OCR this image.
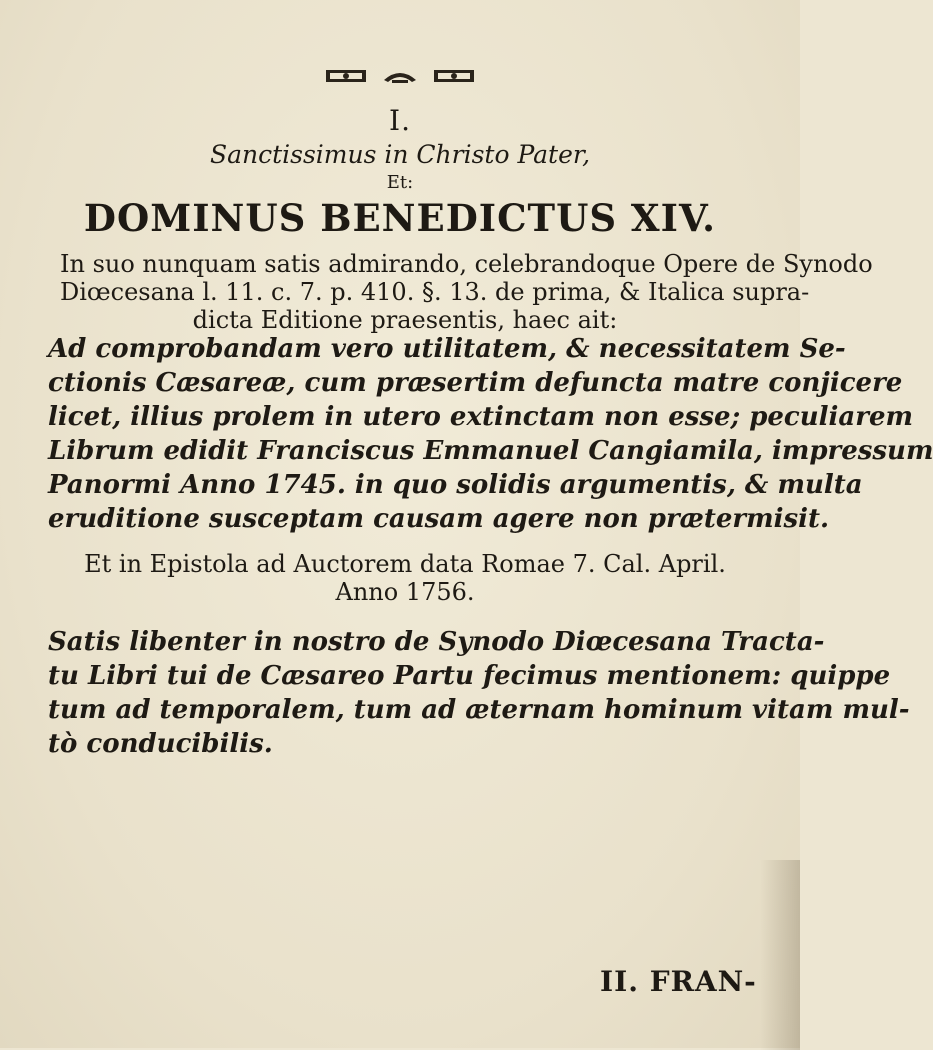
I.
Sanctissimus in Christo Pater,
Et:
DOMINUS BENEDICTUS XIV.
In suo nunquam satis admirando, celebrandoque Opere de Synodo
Diœcesana l. 11. c. 7. p. 410. §. 13. de prima, & Italica supra-
dicta Editione praesentis, haec ait:
Ad comprobandam vero utilitatem, & necessitatem Se-
ctionis Cæsareæ, cum præsertim defuncta matre conjicere
licet, illius prolem in utero extinctam non esse; peculiarem
Librum edidit Franciscus Emmanuel Cangiamila, impressum
Panormi Anno 1745. in quo solidis argumentis, & multa
eruditione susceptam causam agere non prætermisit.
Et in Epistola ad Auctorem data Romae 7. Cal. April.
Anno 1756.
Satis libenter in nostro de Synodo Diœcesana Tracta-
tu Libri tui de Cæsareo Partu fecimus mentionem: quippe
tum ad temporalem, tum ad æternam hominum vitam mul-
tò conducibilis.
II. FRAN-
